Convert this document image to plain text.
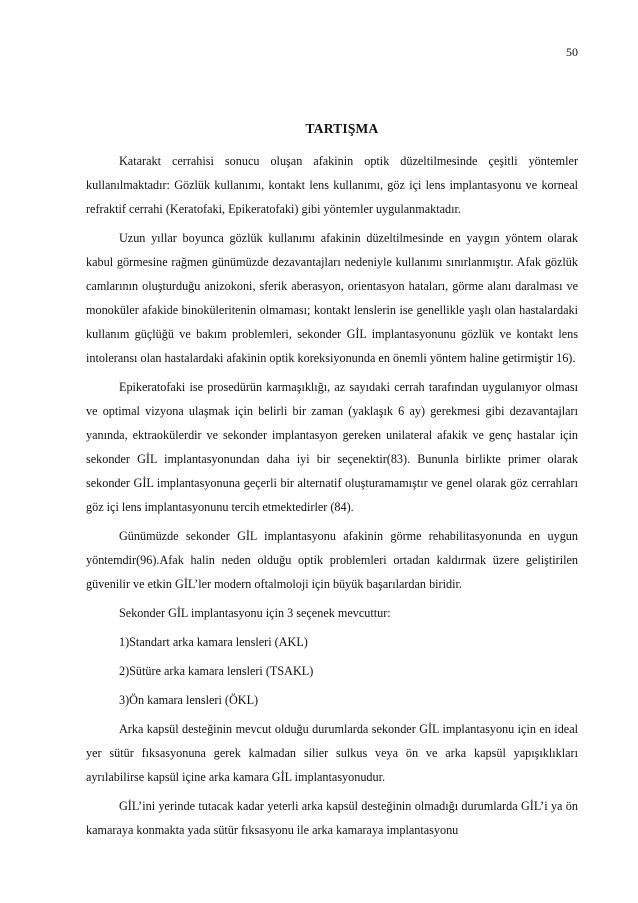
50
TARTIŞMA

Katarakt cerrahisi sonucu oluşan afakinin optik düzeltilmesinde çeşitli yöntemler kullanılmaktadır: Gözlük kullanımı, kontakt lens kullanımı, göz içi lens implantasyonu ve korneal refraktif cerrahi (Keratofaki, Epikeratofaki) gibi yöntemler uygulanmaktadır.

Uzun yıllar boyunca gözlük kullanımı afakinin düzeltilmesinde en yaygın yöntem olarak kabul görmesine rağmen günümüzde dezavantajları nedeniyle kullanımı sınırlanmıştır. Afak gözlük camlarının oluşturduğu anizokoni, sferik aberasyon, orientasyon hataları, görme alanı daralması ve monoküler afakide binoküleritenin olmaması; kontakt lenslerin ise genellikle yaşlı olan hastalardaki kullanım güçlüğü ve bakım problemleri, sekonder GİL implantasyonunu gözlük ve kontakt lens intoleransı olan hastalardaki afakinin optik koreksiyonunda en önemli yöntem haline getirmiştir 16).

Epikeratofaki ise prosedürün karmaşıklığı, az sayıdaki cerrah tarafından uygulanıyor olması ve optimal vizyona ulaşmak için belirli bir zaman (yaklaşık 6 ay) gerekmesi gibi dezavantajları yanında, ektraokülerdir ve sekonder implantasyon gereken unilateral afakik ve genç hastalar için sekonder GİL implantasyonundan daha iyi bir seçenektir(83). Bununla birlikte primer olarak sekonder GİL implantasyonuna geçerli bir alternatif oluşturamamıştır ve genel olarak göz cerrahları göz içi lens implantasyonunu tercih etmektedirler (84).

Günümüzde sekonder GİL implantasyonu afakinin görme rehabilitasyonunda en uygun yöntemdir(96).Afak halin neden olduğu optik problemleri ortadan kaldırmak üzere geliştirilen güvenilir ve etkin GİL’ler modern oftalmoloji için büyük başarılardan biridir.

Sekonder GİL implantasyonu için 3 seçenek mevcuttur:

1)Standart arka kamara lensleri (AKL)

2)Sütüre arka kamara lensleri (TSAKL)

3)Ön kamara lensleri (ÖKL)

Arka kapsül desteğinin mevcut olduğu durumlarda sekonder GİL implantasyonu için en ideal yer sütür fıksasyonuna gerek kalmadan silier sulkus veya ön ve arka kapsül yapışıklıkları ayrılabilirse kapsül içine arka kamara GİL implantasyonudur.

GİL’ini yerinde tutacak kadar yeterli arka kapsül desteğinin olmadığı durumlarda GİL’i ya ön kamaraya konmakta yada sütür fıksasyonu ile arka kamaraya implantasyonu
